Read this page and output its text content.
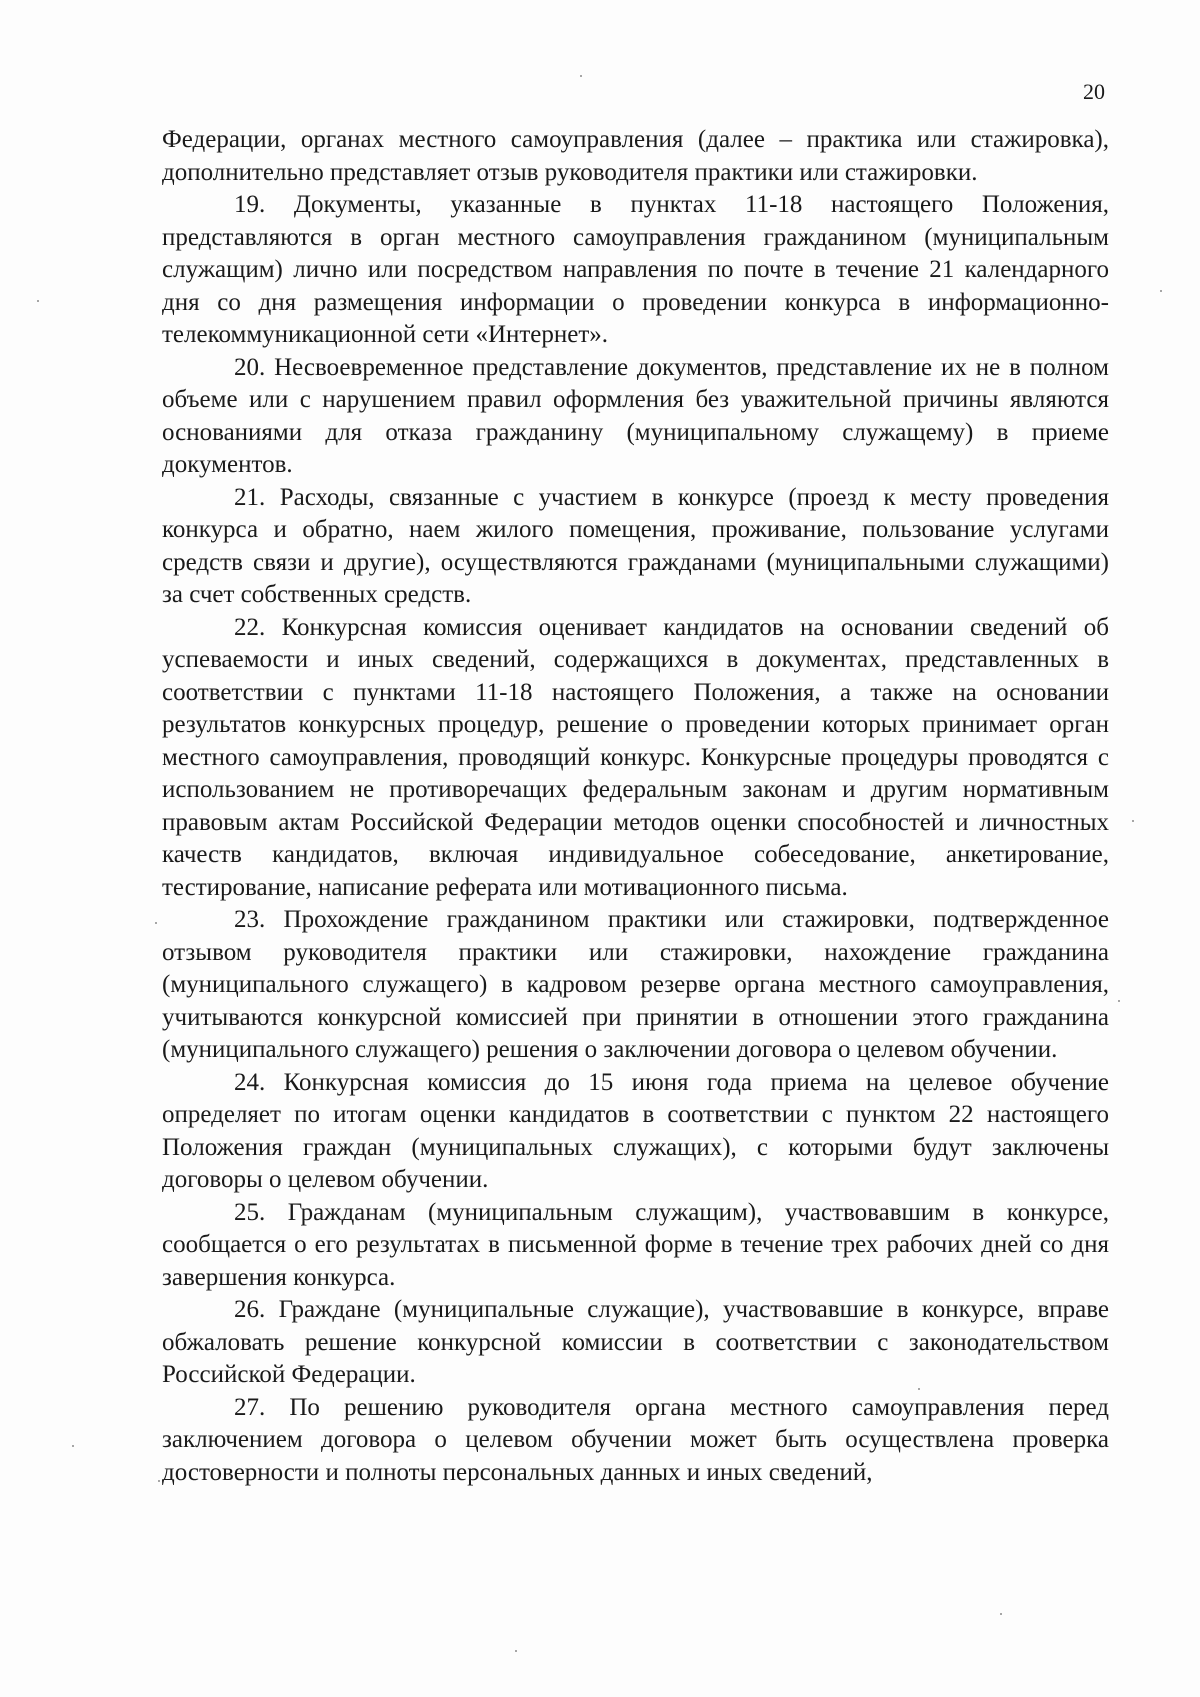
20

Федерации, органах местного самоуправления (далее – практика или стажировка), дополнительно представляет отзыв руководителя практики или стажировки.

19. Документы, указанные в пунктах 11-18 настоящего Положения, представляются в орган местного самоуправления гражданином (муниципальным служащим) лично или посредством направления по почте в течение 21 календарного дня со дня размещения информации о проведении конкурса в информационно-телекоммуникационной сети «Интернет».

20. Несвоевременное представление документов, представление их не в полном объеме или с нарушением правил оформления без уважительной причины являются основаниями для отказа гражданину (муниципальному служащему) в приеме документов.

21. Расходы, связанные с участием в конкурсе (проезд к месту проведения конкурса и обратно, наем жилого помещения, проживание, пользование услугами средств связи и другие), осуществляются гражданами (муниципальными служащими) за счет собственных средств.

22. Конкурсная комиссия оценивает кандидатов на основании сведений об успеваемости и иных сведений, содержащихся в документах, представленных в соответствии с пунктами 11-18 настоящего Положения, а также на основании результатов конкурсных процедур, решение о проведении которых принимает орган местного самоуправления, проводящий конкурс. Конкурсные процедуры проводятся с использованием не противоречащих федеральным законам и другим нормативным правовым актам Российской Федерации методов оценки способностей и личностных качеств кандидатов, включая индивидуальное собеседование, анкетирование, тестирование, написание реферата или мотивационного письма.

23. Прохождение гражданином практики или стажировки, подтвержденное отзывом руководителя практики или стажировки, нахождение гражданина (муниципального служащего) в кадровом резерве органа местного самоуправления, учитываются конкурсной комиссией при принятии в отношении этого гражданина (муниципального служащего) решения о заключении договора о целевом обучении.

24. Конкурсная комиссия до 15 июня года приема на целевое обучение определяет по итогам оценки кандидатов в соответствии с пунктом 22 настоящего Положения граждан (муниципальных служащих), с которыми будут заключены договоры о целевом обучении.

25. Гражданам (муниципальным служащим), участвовавшим в конкурсе, сообщается о его результатах в письменной форме в течение трех рабочих дней со дня завершения конкурса.

26. Граждане (муниципальные служащие), участвовавшие в конкурсе, вправе обжаловать решение конкурсной комиссии в соответствии с законодательством Российской Федерации.

27. По решению руководителя органа местного самоуправления перед заключением договора о целевом обучении может быть осуществлена проверка достоверности и полноты персональных данных и иных сведений,
